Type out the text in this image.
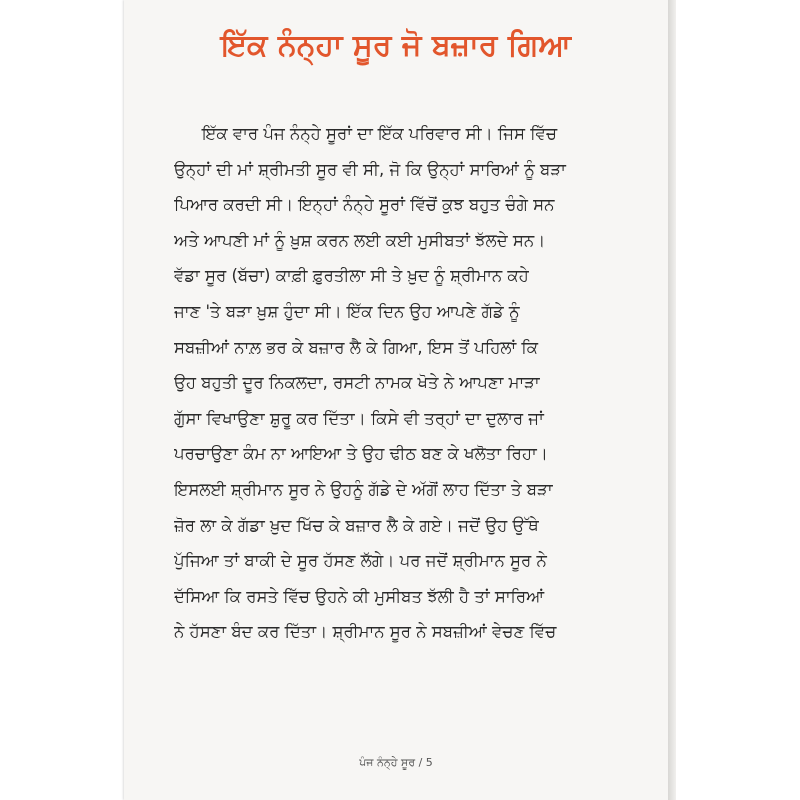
ਇੱਕ ਨੰਨ੍ਹਾ ਸੂਰ ਜੋ ਬਜ਼ਾਰ ਗਿਆ
ਇੱਕ ਵਾਰ ਪੰਜ ਨੰਨ੍ਹੇ ਸੂਰਾਂ ਦਾ ਇੱਕ ਪਰਿਵਾਰ ਸੀ। ਜਿਸ ਵਿੱਚ
ਉਨ੍ਹਾਂ ਦੀ ਮਾਂ ਸ਼੍ਰੀਮਤੀ ਸੂਰ ਵੀ ਸੀ, ਜੋ ਕਿ ਉਨ੍ਹਾਂ ਸਾਰਿਆਂ ਨੂੰ ਬੜਾ
ਪਿਆਰ ਕਰਦੀ ਸੀ। ਇਨ੍ਹਾਂ ਨੰਨ੍ਹੇ ਸੂਰਾਂ ਵਿੱਚੋਂ ਕੁਝ ਬਹੁਤ ਚੰਗੇ ਸਨ
ਅਤੇ ਆਪਣੀ ਮਾਂ ਨੂੰ ਖ਼ੁਸ਼ ਕਰਨ ਲਈ ਕਈ ਮੁਸੀਬਤਾਂ ਝੱਲਦੇ ਸਨ।
ਵੱਡਾ ਸੂਰ (ਬੱਚਾ) ਕਾਫ਼ੀ ਫ਼ੁਰਤੀਲਾ ਸੀ ਤੇ ਖ਼ੁਦ ਨੂੰ ਸ਼੍ਰੀਮਾਨ ਕਹੇ
ਜਾਣ 'ਤੇ ਬੜਾ ਖ਼ੁਸ਼ ਹੁੰਦਾ ਸੀ। ਇੱਕ ਦਿਨ ਉਹ ਆਪਣੇ ਗੱਡੇ ਨੂੰ
ਸਬਜ਼ੀਆਂ ਨਾਲ਼ ਭਰ ਕੇ ਬਜ਼ਾਰ ਲੈ ਕੇ ਗਿਆ, ਇਸ ਤੋਂ ਪਹਿਲਾਂ ਕਿ
ਉਹ ਬਹੁਤੀ ਦੂਰ ਨਿਕਲਦਾ, ਰਸਟੀ ਨਾਮਕ ਖੋਤੇ ਨੇ ਆਪਣਾ ਮਾੜਾ
ਗੁੱਸਾ ਵਿਖਾਉਣਾ ਸ਼ੁਰੂ ਕਰ ਦਿੱਤਾ। ਕਿਸੇ ਵੀ ਤਰ੍ਹਾਂ ਦਾ ਦੁਲਾਰ ਜਾਂ
ਪਰਚਾਉਣਾ ਕੰਮ ਨਾ ਆਇਆ ਤੇ ਉਹ ਢੀਠ ਬਣ ਕੇ ਖਲੋਤਾ ਰਿਹਾ।
ਇਸਲਈ ਸ਼੍ਰੀਮਾਨ ਸੂਰ ਨੇ ਉਹਨੂੰ ਗੱਡੇ ਦੇ ਅੱਗੋਂ ਲਾਹ ਦਿੱਤਾ ਤੇ ਬੜਾ
ਜ਼ੋਰ ਲਾ ਕੇ ਗੱਡਾ ਖ਼ੁਦ ਖਿੱਚ ਕੇ ਬਜ਼ਾਰ ਲੈ ਕੇ ਗਏ। ਜਦੋਂ ਉਹ ਉੱਥੇ
ਪੁੱਜਿਆ ਤਾਂ ਬਾਕੀ ਦੇ ਸੂਰ ਹੱਸਣ ਲੱਗੇ। ਪਰ ਜਦੋਂ ਸ਼੍ਰੀਮਾਨ ਸੂਰ ਨੇ
ਦੱਸਿਆ ਕਿ ਰਸਤੇ ਵਿੱਚ ਉਹਨੇ ਕੀ ਮੁਸੀਬਤ ਝੱਲੀ ਹੈ ਤਾਂ ਸਾਰਿਆਂ
ਨੇ ਹੱਸਣਾ ਬੰਦ ਕਰ ਦਿੱਤਾ। ਸ਼੍ਰੀਮਾਨ ਸੂਰ ਨੇ ਸਬਜ਼ੀਆਂ ਵੇਚਣ ਵਿੱਚ
ਪੰਜ ਨੰਨ੍ਹੇ ਸੂਰ / 5
